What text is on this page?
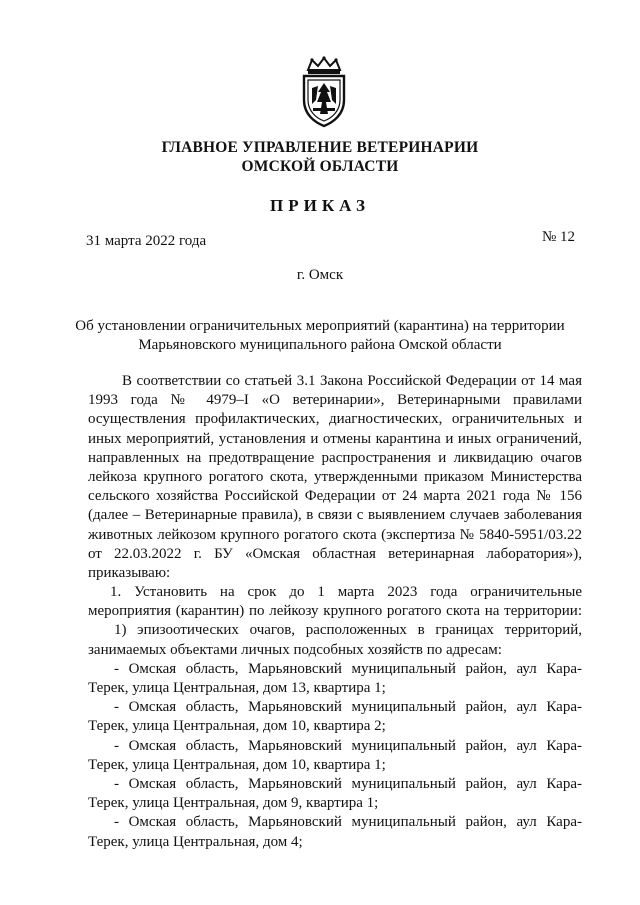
ГЛАВНОЕ УПРАВЛЕНИЕ ВЕТЕРИНАРИИ
ОМСКОЙ ОБЛАСТИ
ПРИКАЗ
31 марта 2022 года	№ 12
г. Омск
Об установлении ограничительных мероприятий (карантина) на территории
Марьяновского муниципального района Омской области
В соответствии со статьей 3.1 Закона Российской Федерации от 14 мая
1993 года № 4979–I «О ветеринарии», Ветеринарными правилами
осуществления профилактических, диагностических, ограничительных и
иных мероприятий, установления и отмены карантина и иных ограничений,
направленных на предотвращение распространения и ликвидацию очагов
лейкоза крупного рогатого скота, утвержденными приказом Министерства
сельского хозяйства Российской Федерации от 24 марта 2021 года № 156
(далее – Ветеринарные правила), в связи с выявлением случаев заболевания
животных лейкозом крупного рогатого скота (экспертиза № 5840-5951/03.22
от 22.03.2022 г. БУ «Омская областная ветеринарная лаборатория»),
приказываю:
1. Установить на срок до 1 марта 2023 года ограничительные
мероприятия (карантин) по лейкозу крупного рогатого скота на территории:
1) эпизоотических очагов, расположенных в границах территорий,
занимаемых объектами личных подсобных хозяйств по адресам:
- Омская область, Марьяновский муниципальный район, аул Кара-
Терек, улица Центральная, дом 13, квартира 1;
- Омская область, Марьяновский муниципальный район, аул Кара-
Терек, улица Центральная, дом 10, квартира 2;
- Омская область, Марьяновский муниципальный район, аул Кара-
Терек, улица Центральная, дом 10, квартира 1;
- Омская область, Марьяновский муниципальный район, аул Кара-
Терек, улица Центральная, дом 9, квартира 1;
- Омская область, Марьяновский муниципальный район, аул Кара-
Терек, улица Центральная, дом 4;
